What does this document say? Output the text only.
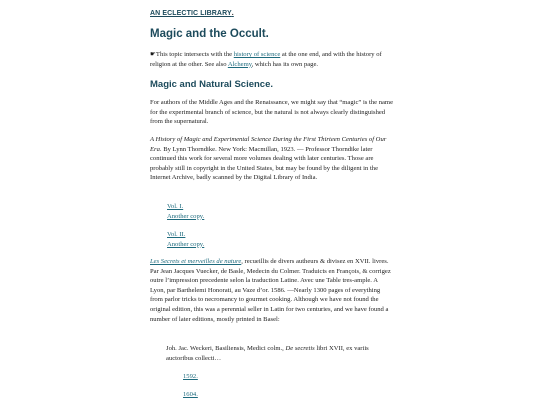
AN ECLECTIC LIBRARY.
Magic and the Occult.

☛This topic intersects with the history of science at the one end, and with the history of religion at the other. See also Alchemy, which has its own page.

Magic and Natural Science.

For authors of the Middle Ages and the Renaissance, we might say that “magic” is the name for the experimental branch of science, but the natural is not always clearly distinguished from the supernatural.

A History of Magic and Experimental Science During the First Thirteen Centuries of Our Era. By Lynn Thorndike. New York: Macmillan, 1923. — Professor Thorndike later continued this work for several more volumes dealing with later centuries. Those are probably still in copyright in the United States, but may be found by the diligent in the Internet Archive, badly scanned by the Digital Library of India.

Vol. I.
Another copy.
Vol. II.
Another copy.

Les Secrets et merveilles de nature, recueillis de divers autheurs & divisez en XVII. livres. Par Jean Jacques Vuecker, de Basle, Medecin du Colmer. Traduicts en François, & corrigez outre l’impression precedente selon la traduction Latine. Avec une Table tres-ample. A Lyon, par Barthelemi Honorati, au Vaze d’or. 1586. —Nearly 1300 pages of everything from parlor tricks to necromancy to gourmet cooking. Although we have not found the original edition, this was a perennial seller in Latin for two centuries, and we have found a number of later editions, mostly printed in Basel:

Joh. Jac. Weckeri, Basiliensis, Medici colm., De secretis libri XVII, ex variis auctoribus collecti…
1592.
1604.
